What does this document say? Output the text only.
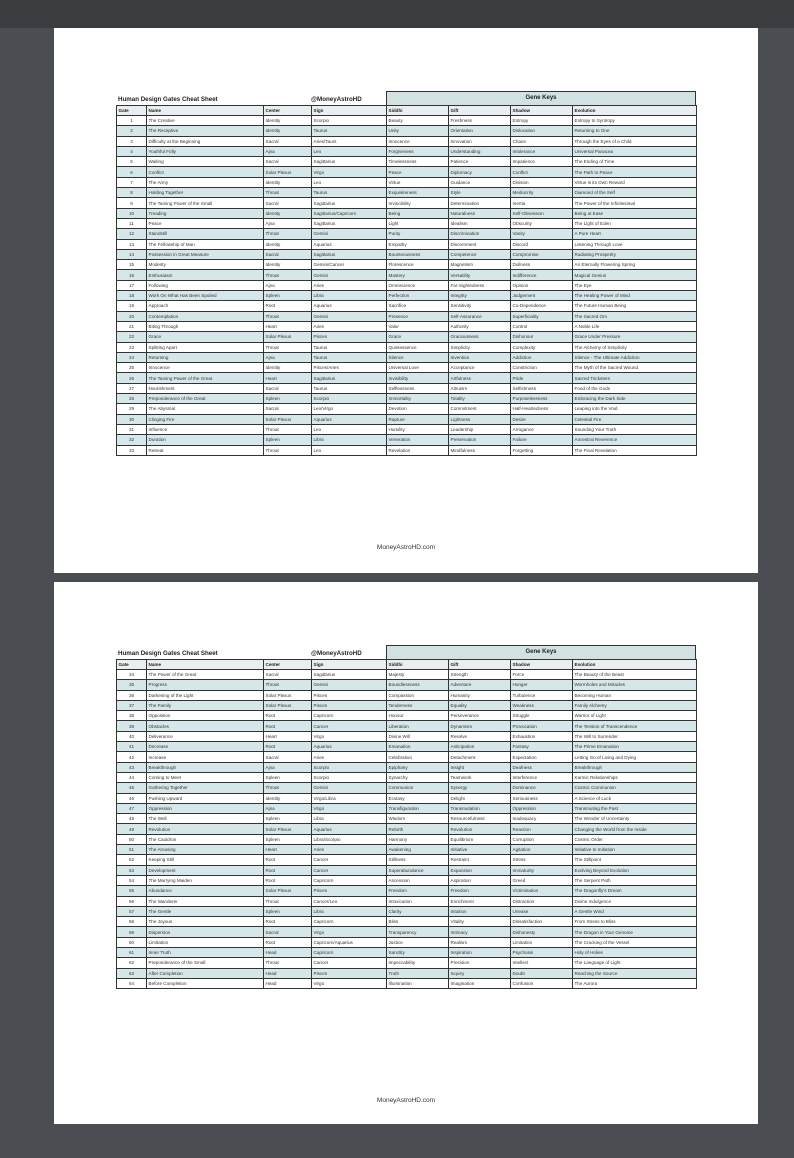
Human Design Gates Cheat Sheet	@MoneyAstroHD	Gene Keys
Gate	Name	Center	Sign	Siddhi	Gift	Shadow	Evolution
1	The Creative	Identity	Scorpio	Beauty	Freshness	Entropy	Entropy to Syntropy
2	The Receptive	Identity	Taurus	Unity	Orientation	Dislocation	Returning to One
3	Difficulty at the Beginning	Sacral	Aries/Taurs	Innocence	Innovation	Chaos	Through the Eyes of a Child
4	Youthful Folly	Ajna	Leo	Forgiveness	Understanding	Intolerance	Universal Panacea
5	Waiting	Sacral	Sagittarius	Timelessness	Patience	Impatience	The Ending of Time
6	Conflict	Solar Plexus	Virgo	Peace	Diplomacy	Conflict	The Path to Peace
7	The Army	Identity	Leo	Virtue	Guidance	Division	Virtue is its Own Reward
8	Holding Together	Throat	Taurus	Exquisiteness	Style	Mediocrity	Diamond of the Self
9	The Taming Power of the Small	Sacral	Sagittarius	Invincibility	Determination	Inertia	The Power of the Infinitesimal
10	Treading	Identity	Sagittarius/Capricorn	Being	Naturalness	Self-Obsession	Being at Ease
11	Peace	Ajna	Sagittarius	Light	Idealism	Obscurity	The Light of Eden
12	Standstill	Throat	Gemini	Purity	Discrimination	Vanity	A Pure Heart
13	The Fellowship of Man	Identity	Aquarius	Empathy	Discernment	Discord	Listening Through Love
14	Possession in Great Measure	Sacral	Sagittarius	Bounteousness	Competence	Compromise	Radiating Prosperity
15	Modesty	Identity	Gemini/Cancer	Florescence	Magnetism	Dullness	An Eternally Flowering Spring
16	Enthusiasm	Throat	Gemini	Mastery	Versatility	Indifference	Magical Genius
17	Following	Ajna	Aries	Omniscience	Far-Sightedness	Opinion	The Eye
18	Work On What Has Been Spoiled	Spleen	Libra	Perfection	Integrity	Judgement	The Healing Power of Mind
19	Approach	Root	Aquarius	Sacrifice	Sensitivity	Co-Dependence	The Future Human Being
20	Contemplation	Throat	Gemini	Presence	Self-Assurance	Superficiality	The Sacred Om
21	Biting Through	Heart	Aries	Valor	Authority	Control	A Noble Life
22	Grace	Solar Plexus	Pisces	Grace	Graciousness	Dishonour	Grace Under Pressure
23	Splitting Apart	Throat	Taurus	Quintessence	Simplicity	Complexity	The Alchemy of Simplicity
24	Returning	Ajna	Taurus	Silence	Invention	Addiction	Silence - The Ultimate Addiction
25	Innocence	Identity	Pisces/Aries	Universal Love	Acceptance	Constriction	The Myth of the Sacred Wound
26	The Taming Power of the Great	Heart	Sagittarius	Invisibility	Artfulness	Pride	Sacred Tricksters
27	Nourishment	Sacral	Taurus	Selflessness	Altruism	Selfishness	Food of the Gods
28	Preponderance of the Great	Spleen	Scorpio	Immortality	Totality	Purposelessness	Embracing the Dark Side
29	The Abysmal	Sacral	Leo/Virgo	Devotion	Commitment	Half-Heartedness	Leaping into the Void
30	Clinging Fire	Solar Plexus	Aquarius	Rapture	Lightness	Desire	Celestial Fire
31	Influence	Throat	Leo	Humility	Leadership	Arrogance	Sounding Your Truth
32	Duration	Spleen	Libra	Veneration	Preservation	Failure	Ancestral Reverence
33	Retreat	Throat	Leo	Revelation	Mindfulness	Forgetting	The Final Revelation
MoneyAstroHD.com
Human Design Gates Cheat Sheet	@MoneyAstroHD	Gene Keys
Gate	Name	Center	Sign	Siddhi	Gift	Shadow	Evolution
34	The Power of the Great	Sacral	Sagittarius	Majesty	Strength	Force	The Beauty of the Beast
35	Progress	Throat	Gemini	Boundlessness	Adventure	Hunger	Wormholes and Miracles
36	Darkening of the Light	Solar Plexus	Pisces	Compassion	Humanity	Turbulence	Becoming Human
37	The Family	Solar Plexus	Pisces	Tenderness	Equality	Weakness	Family Alchemy
38	Opposition	Root	Capricorn	Honour	Perseverance	Struggle	Warrior of Light
39	Obstacles	Root	Cancer	Liberation	Dynamism	Provocation	The Tension of Transcendence
40	Deliverance	Heart	Virgo	Divine Will	Resolve	Exhaustion	The Will to Surrender
41	Decrease	Root	Aquarius	Emanation	Anticipation	Fantasy	The Prime Emanation
42	Increase	Sacral	Aries	Celebration	Detachment	Expectation	Letting Go of Living and Dying
43	Breakthrough	Ajna	Scorpio	Epiphany	Insight	Deafness	Breakthrough
44	Coming to Meet	Spleen	Scorpio	Synarchy	Teamwork	Interference	Karmic Relationships
45	Gathering Together	Throat	Gemini	Communion	Synergy	Dominance	Cosmic Communion
46	Pushing Upward	Identity	Virgo/Libra	Ecstasy	Delight	Seriousness	A Science of Luck
47	Oppression	Ajna	Virgo	Transfiguration	Transmutation	Oppression	Transmuting the Past
48	The Well	Spleen	Libra	Wisdom	Resourcefulness	Inadequacy	The Wonder of Uncertainty
49	Revolution	Solar Plexus	Aquarius	Rebirth	Revolution	Reaction	Changing the World from the Inside
50	The Cauldron	Spleen	Libra/Scorpio	Harmony	Equilibrium	Corruption	Cosmic Order
51	The Arousing	Heart	Aries	Awakening	Initiative	Agitation	Initiative to Initiation
52	Keeping Still	Root	Cancer	Stillness	Restraint	Stress	The Stillpoint
53	Development	Root	Cancer	Superabundance	Expansion	Immaturity	Evolving Beyond Evolution
54	The Marrying Maiden	Root	Capricorn	Ascension	Aspiration	Greed	The Serpent Path
55	Abundance	Solar Plexus	Pisces	Freedom	Freedom	Victimisation	The Dragonfly's Dream
56	The Wanderer	Throat	Cancer/Leo	Intoxication	Enrichment	Distraction	Divine Indulgence
57	The Gentle	Spleen	Libra	Clarity	Intuition	Unease	A Gentle Wind
58	The Joyous	Root	Capricorn	Bliss	Vitality	Dissatisfaction	From Stress to Bliss
59	Dispersion	Sacral	Virgo	Transparency	Intimacy	Dishonesty	The Dragon in Your Genome
60	Limitation	Root	Capricorn/Aquarius	Justice	Realism	Limitation	The Cracking of the Vessel
61	Inner Truth	Head	Capricorn	Sanctity	Inspiration	Psychosis	Holy of Holies
62	Preponderance of the Small	Throat	Cancer	Impeccability	Precision	Intellect	The Language of Light
63	After Completion	Head	Pisces	Truth	Inquiry	Doubt	Reaching the Source
64	Before Completion	Head	Virgo	Illumination	Imagination	Confusion	The Aurora
MoneyAstroHD.com
